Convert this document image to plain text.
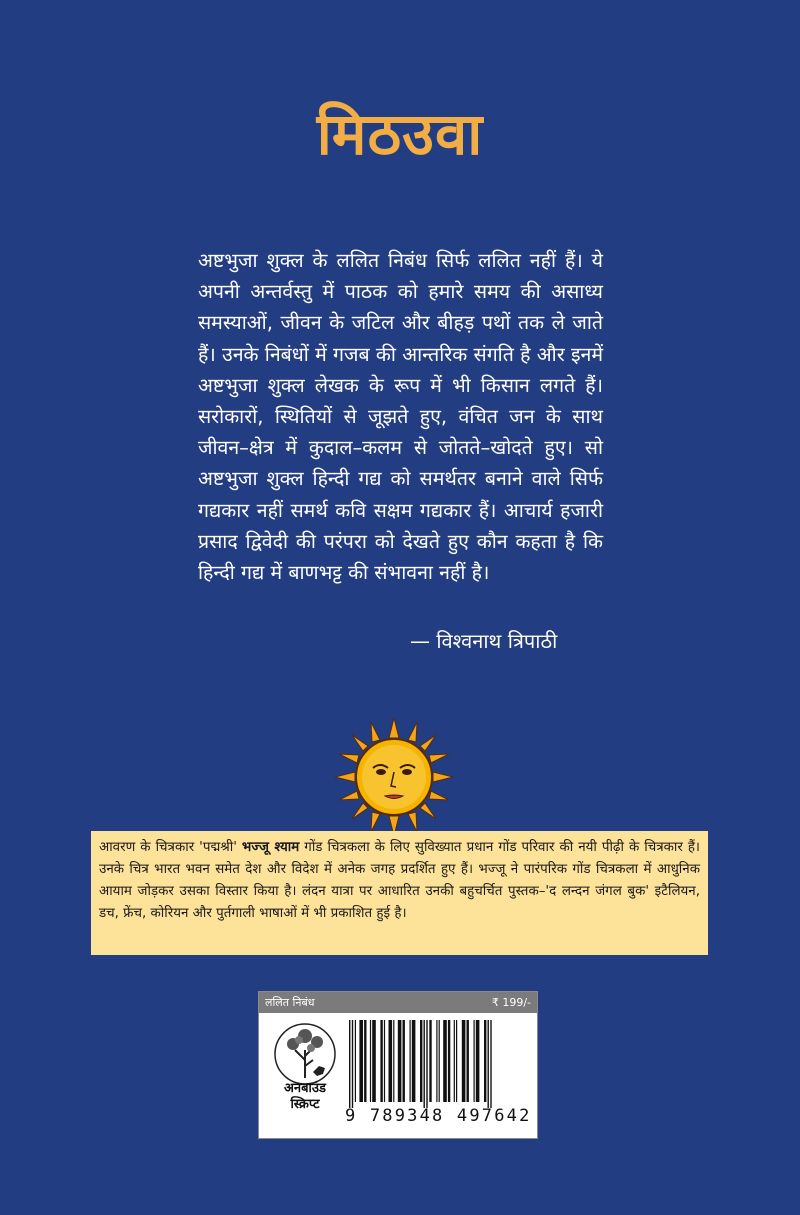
मिठउवा
अष्टभुजा शुक्ल के ललित निबंध सिर्फ ललित नहीं हैं। ये अपनी अन्तर्वस्तु में पाठक को हमारे समय की असाध्य समस्याओं, जीवन के जटिल और बीहड़ पथों तक ले जाते हैं। उनके निबंधों में गजब की आन्तरिक संगति है और इनमें अष्टभुजा शुक्ल लेखक के रूप में भी किसान लगते हैं। सरोकारों, स्थितियों से जूझते हुए, वंचित जन के साथ जीवन–क्षेत्र में कुदाल–कलम से जोतते–खोदते हुए। सो अष्टभुजा शुक्ल हिन्दी गद्य को समर्थतर बनाने वाले सिर्फ गद्यकार नहीं समर्थ कवि सक्षम गद्यकार हैं। आचार्य हजारी प्रसाद द्विवेदी की परंपरा को देखते हुए कौन कहता है कि हिन्दी गद्य में बाणभट्ट की संभावना नहीं है।
— विश्वनाथ त्रिपाठी
आवरण के चित्रकार 'पद्मश्री' भज्जू श्याम गोंड चित्रकला के लिए सुविख्यात प्रधान गोंड परिवार की नयी पीढ़ी के चित्रकार हैं। उनके चित्र भारत भवन समेत देश और विदेश में अनेक जगह प्रदर्शित हुए हैं। भज्जू ने पारंपरिक गोंड चित्रकला में आधुनिक आयाम जोड़कर उसका विस्तार किया है। लंदन यात्रा पर आधारित उनकी बहुचर्चित पुस्तक–'द लन्दन जंगल बुक' इटैलियन, डच, फ्रेंच, कोरियन और पुर्तगाली भाषाओं में भी प्रकाशित हुई है।
ललित निबंध	₹ 199/-
अनबाउंड
स्क्रिप्ट
9 789348 497642
